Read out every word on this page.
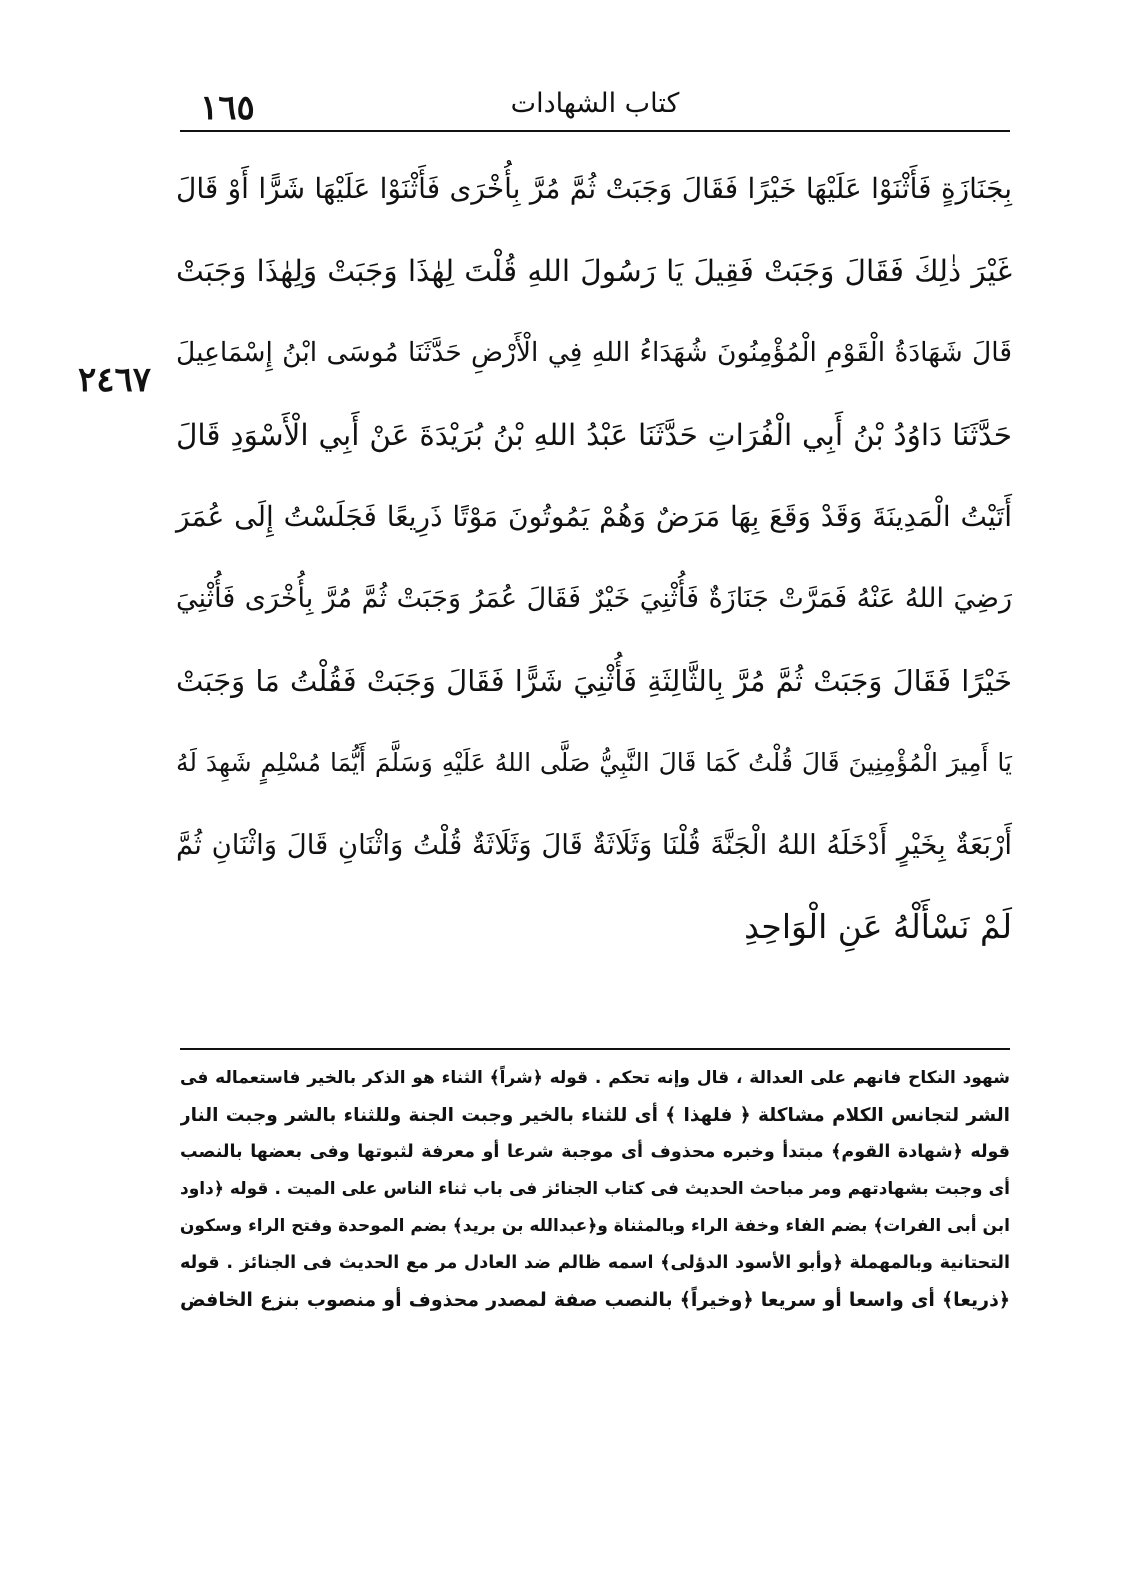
١٦٥	كتاب الشهادات
٢٤٦٧
بِجَنَازَةٍ فَأَثْنَوْا عَلَيْهَا خَيْرًا فَقَالَ وَجَبَتْ ثُمَّ مُرَّ بِأُخْرَى فَأَثْنَوْا عَلَيْهَا شَرًّا أَوْ قَالَ
غَيْرَ ذٰلِكَ فَقَالَ وَجَبَتْ فَقِيلَ يَا رَسُولَ اللهِ قُلْتَ لِهٰذَا وَجَبَتْ وَلِهٰذَا وَجَبَتْ
قَالَ شَهَادَةُ الْقَوْمِ الْمُؤْمِنُونَ شُهَدَاءُ اللهِ فِي الْأَرْضِ حَدَّثَنَا مُوسَى ابْنُ إِسْمَاعِيلَ
حَدَّثَنَا دَاوُدُ بْنُ أَبِي الْفُرَاتِ حَدَّثَنَا عَبْدُ اللهِ بْنُ بُرَيْدَةَ عَنْ أَبِي الْأَسْوَدِ قَالَ
أَتَيْتُ الْمَدِينَةَ وَقَدْ وَقَعَ بِهَا مَرَضٌ وَهُمْ يَمُوتُونَ مَوْتًا ذَرِيعًا فَجَلَسْتُ إِلَى عُمَرَ
رَضِيَ اللهُ عَنْهُ فَمَرَّتْ جَنَازَةٌ فَأُثْنِيَ خَيْرٌ فَقَالَ عُمَرُ وَجَبَتْ ثُمَّ مُرَّ بِأُخْرَى فَأُثْنِيَ
خَيْرًا فَقَالَ وَجَبَتْ ثُمَّ مُرَّ بِالثَّالِثَةِ فَأُثْنِيَ شَرًّا فَقَالَ وَجَبَتْ فَقُلْتُ مَا وَجَبَتْ
يَا أَمِيرَ الْمُؤْمِنِينَ قَالَ قُلْتُ كَمَا قَالَ النَّبِيُّ صَلَّى اللهُ عَلَيْهِ وَسَلَّمَ أَيُّمَا مُسْلِمٍ شَهِدَ لَهُ
أَرْبَعَةٌ بِخَيْرٍ أَدْخَلَهُ اللهُ الْجَنَّةَ قُلْنَا وَثَلَاثَةٌ قَالَ وَثَلَاثَةٌ قُلْتُ وَاثْنَانِ قَالَ وَاثْنَانِ ثُمَّ
لَمْ نَسْأَلْهُ عَنِ الْوَاحِدِ
شهود النكاح فانهم على العدالة ، قال وإنه تحكم . قوله ﴿شراً﴾ الثناء هو الذكر بالخير فاستعماله فى
الشر لتجانس الكلام مشاكلة ﴿ فلهذا ﴾ أى للثناء بالخير وجبت الجنة وللثناء بالشر وجبت النار
قوله ﴿شهادة القوم﴾ مبتدأ وخبره محذوف أى موجبة شرعا أو معرفة لثبوتها وفى بعضها بالنصب
أى وجبت بشهادتهم ومر مباحث الحديث فى كتاب الجنائز فى باب ثناء الناس على الميت . قوله ﴿داود
ابن أبى الفرات﴾ بضم الفاء وخفة الراء وبالمثناة و﴿عبدالله بن بريد﴾ بضم الموحدة وفتح الراء وسكون
التحتانية وبالمهملة ﴿وأبو الأسود الدؤلى﴾ اسمه ظالم ضد العادل مر مع الحديث فى الجنائز . قوله
﴿ذريعا﴾ أى واسعا أو سريعا ﴿وخيراً﴾ بالنصب صفة لمصدر محذوف أو منصوب بنزع الخافض
